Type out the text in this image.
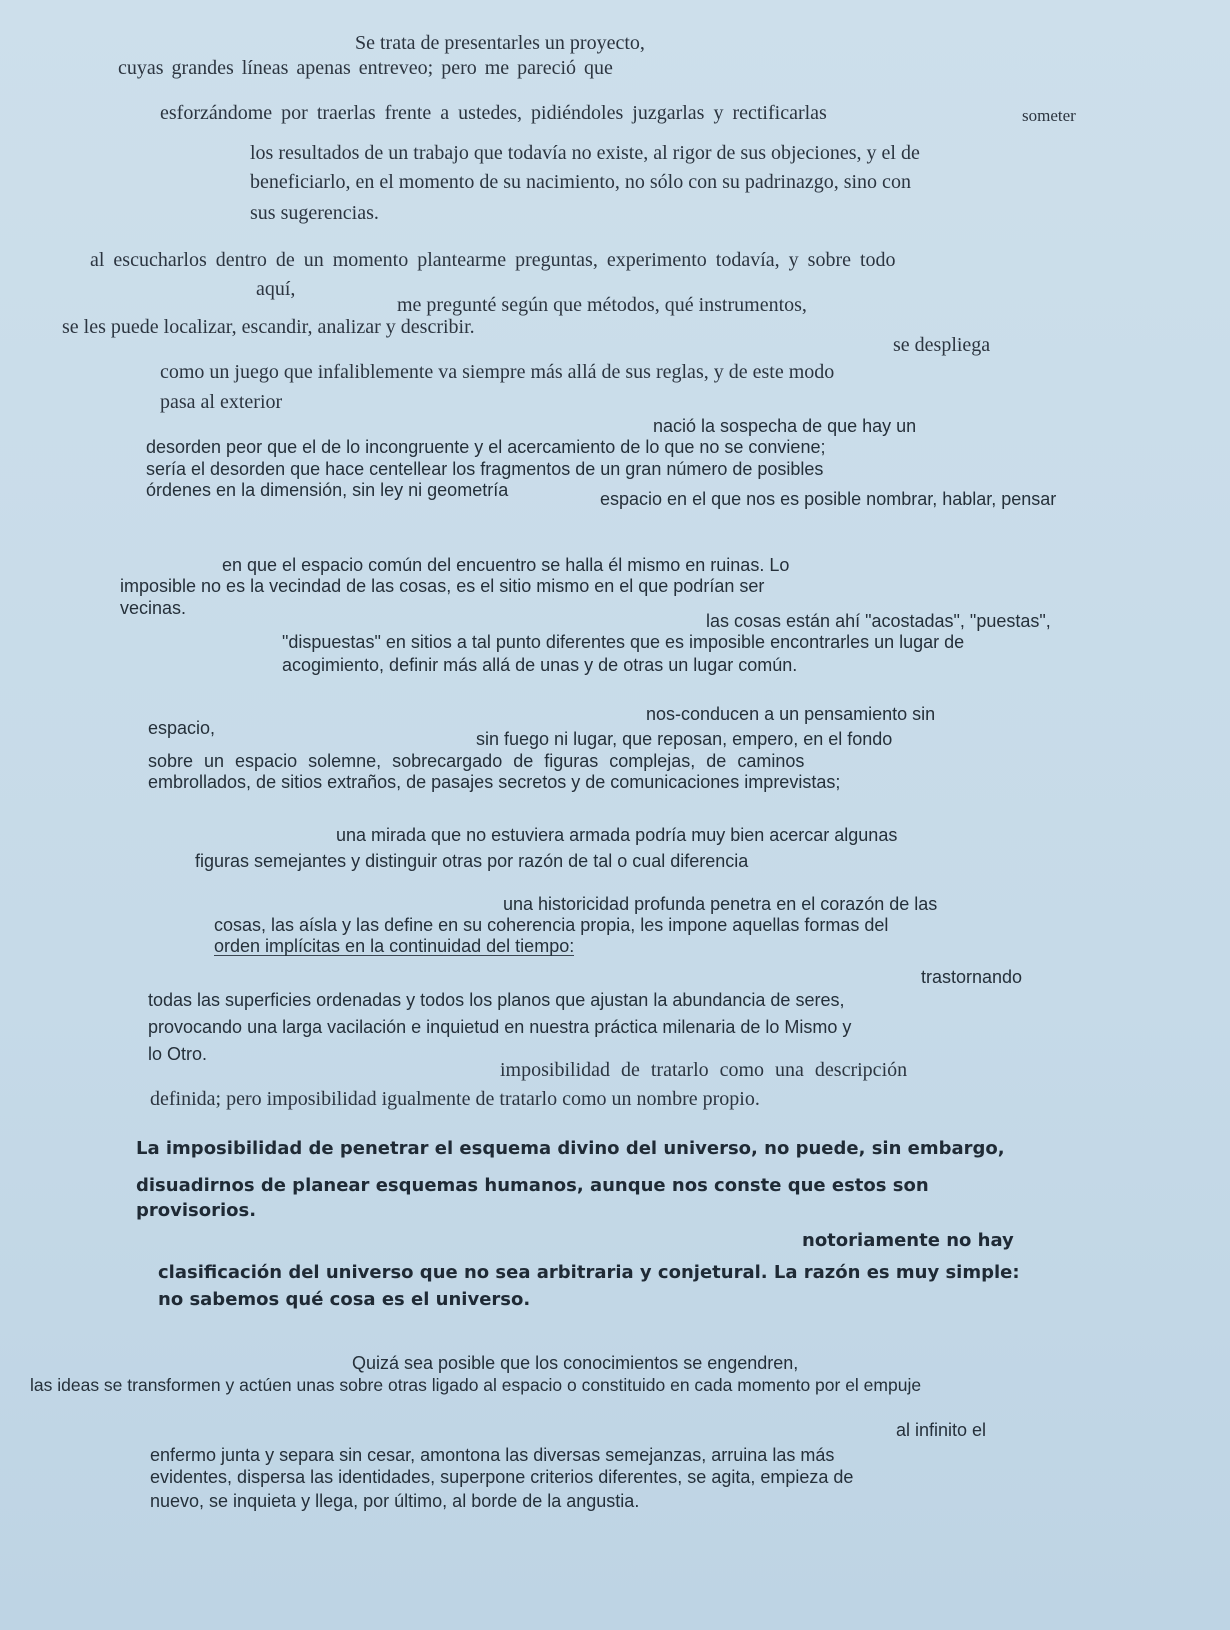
Se trata de presentarles un proyecto,
cuyas grandes líneas apenas entreveo; pero me pareció que
esforzándome por traerlas frente a ustedes, pidiéndoles juzgarlas y rectificarlas	someter
los resultados de un trabajo que todavía no existe, al rigor de sus objeciones, y el de
beneficiarlo, en el momento de su nacimiento, no sólo con su padrinazgo, sino con
sus sugerencias.
al escucharlos dentro de un momento plantearme preguntas, experimento todavía, y sobre todo
aquí,
me pregunté según que métodos, qué instrumentos,
se les puede localizar, escandir, analizar y describir.
se despliega
como un juego que infaliblemente va siempre más allá de sus reglas, y de este modo
pasa al exterior
nació la sospecha de que hay un
desorden peor que el de lo incongruente y el acercamiento de lo que no se conviene;
sería el desorden que hace centellear los fragmentos de un gran número de posibles
órdenes en la dimensión, sin ley ni geometría	espacio en el que nos es posible nombrar, hablar, pensar
en que el espacio común del encuentro se halla él mismo en ruinas. Lo
imposible no es la vecindad de las cosas, es el sitio mismo en el que podrían ser
vecinas.
las cosas están ahí "acostadas", "puestas",
"dispuestas" en sitios a tal punto diferentes que es imposible encontrarles un lugar de
acogimiento, definir más allá de unas y de otras un lugar común.
nos-conducen a un pensamiento sin
espacio,
sin fuego ni lugar, que reposan, empero, en el fondo
sobre un espacio solemne, sobrecargado de figuras complejas, de caminos
embrollados, de sitios extraños, de pasajes secretos y de comunicaciones imprevistas;
una mirada que no estuviera armada podría muy bien acercar algunas
figuras semejantes y distinguir otras por razón de tal o cual diferencia
una historicidad profunda penetra en el corazón de las
cosas, las aísla y las define en su coherencia propia, les impone aquellas formas del
orden implícitas en la continuidad del tiempo:
trastornando
todas las superficies ordenadas y todos los planos que ajustan la abundancia de seres,
provocando una larga vacilación e inquietud en nuestra práctica milenaria de lo Mismo y
lo Otro.
imposibilidad de tratarlo como una descripción
definida; pero imposibilidad igualmente de tratarlo como un nombre propio.
La imposibilidad de penetrar el esquema divino del universo, no puede, sin embargo,
disuadirnos de planear esquemas humanos, aunque nos conste que estos son
provisorios.
notoriamente no hay
clasificación del universo que no sea arbitraria y conjetural. La razón es muy simple:
no sabemos qué cosa es el universo.
Quizá sea posible que los conocimientos se engendren,
las ideas se transformen y actúen unas sobre otras ligado al espacio o constituido en cada momento por el empuje
al infinito el
enfermo junta y separa sin cesar, amontona las diversas semejanzas, arruina las más
evidentes, dispersa las identidades, superpone criterios diferentes, se agita, empieza de
nuevo, se inquieta y llega, por último, al borde de la angustia.
